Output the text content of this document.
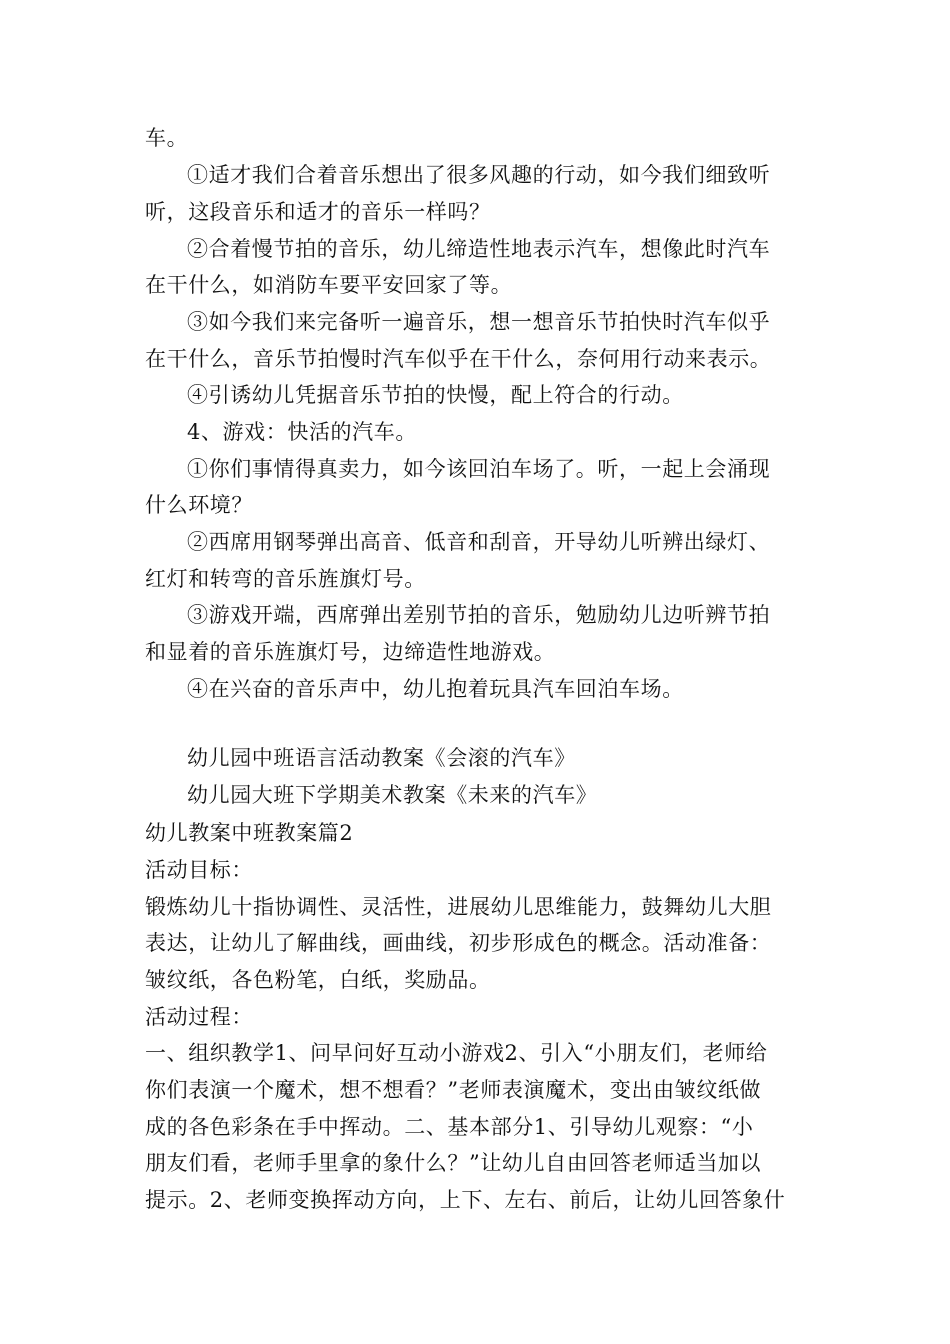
车。
①适才我们合着音乐想出了很多风趣的行动，如今我们细致听
听，这段音乐和适才的音乐一样吗？
②合着慢节拍的音乐，幼儿缔造性地表示汽车，想像此时汽车
在干什么，如消防车要平安回家了等。
③如今我们来完备听一遍音乐，想一想音乐节拍快时汽车似乎
在干什么，音乐节拍慢时汽车似乎在干什么，奈何用行动来表示。
④引诱幼儿凭据音乐节拍的快慢，配上符合的行动。
4、游戏：快活的汽车。
①你们事情得真卖力，如今该回泊车场了。听，一起上会涌现
什么环境？
②西席用钢琴弹出高音、低音和刮音，开导幼儿听辨出绿灯、
红灯和转弯的音乐旌旗灯号。
③游戏开端，西席弹出差别节拍的音乐，勉励幼儿边听辨节拍
和显着的音乐旌旗灯号，边缔造性地游戏。
④在兴奋的音乐声中，幼儿抱着玩具汽车回泊车场。
幼儿园中班语言活动教案《会滚的汽车》
幼儿园大班下学期美术教案《未来的汽车》
幼儿教案中班教案篇2
活动目标：
锻炼幼儿十指协调性、灵活性，进展幼儿思维能力，鼓舞幼儿大胆
表达，让幼儿了解曲线，画曲线，初步形成色的概念。活动准备：
皱纹纸，各色粉笔，白纸，奖励品。
活动过程：
一、组织教学1、问早问好互动小游戏2、引入“小朋友们，老师给
你们表演一个魔术，想不想看？”老师表演魔术，变出由皱纹纸做
成的各色彩条在手中挥动。二、基本部分1、引导幼儿观察：“小
朋友们看，老师手里拿的象什么？”让幼儿自由回答老师适当加以
提示。2、老师变换挥动方向，上下、左右、前后，让幼儿回答象什
